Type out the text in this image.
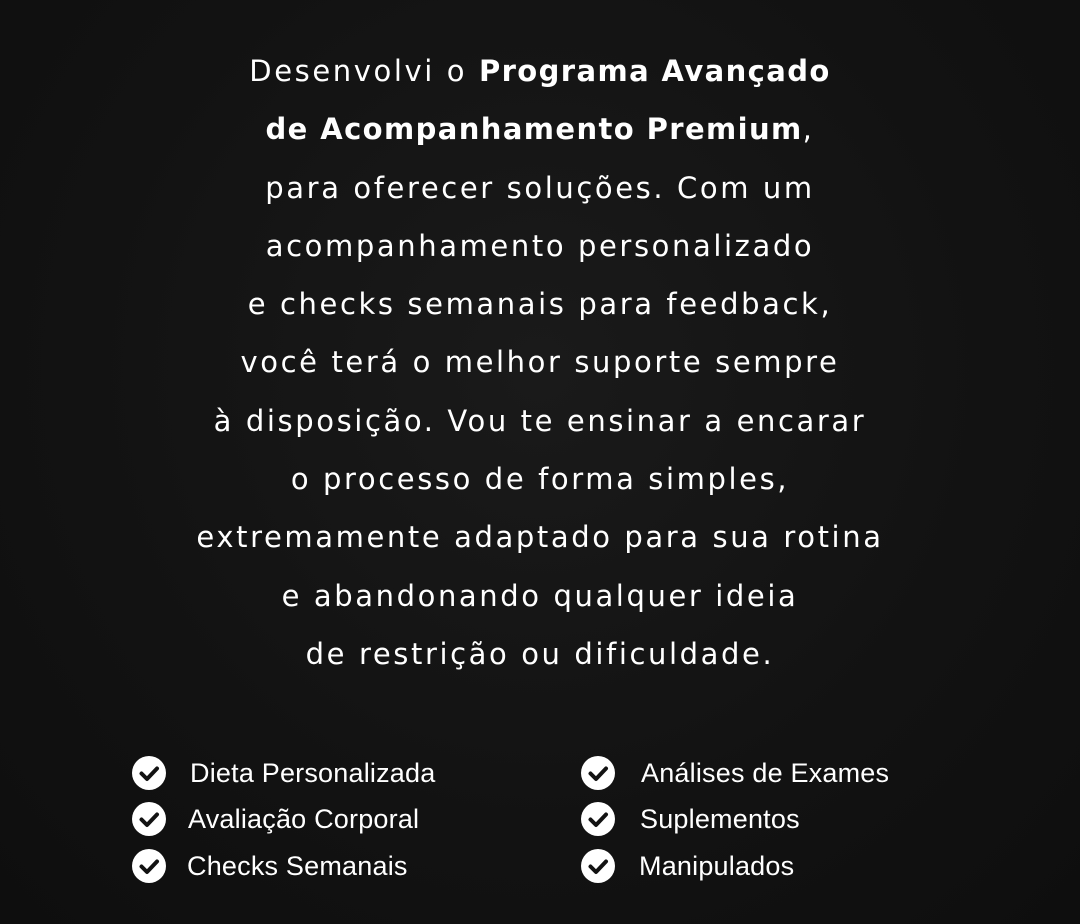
Desenvolvi o Programa Avançado
de Acompanhamento Premium,
para oferecer soluções. Com um
acompanhamento personalizado
e checks semanais para feedback,
você terá o melhor suporte sempre
à disposição. Vou te ensinar a encarar
o processo de forma simples,
extremamente adaptado para sua rotina
e abandonando qualquer ideia
de restrição ou dificuldade.
Dieta Personalizada
Avaliação Corporal
Checks Semanais
Análises de Exames
Suplementos
Manipulados
